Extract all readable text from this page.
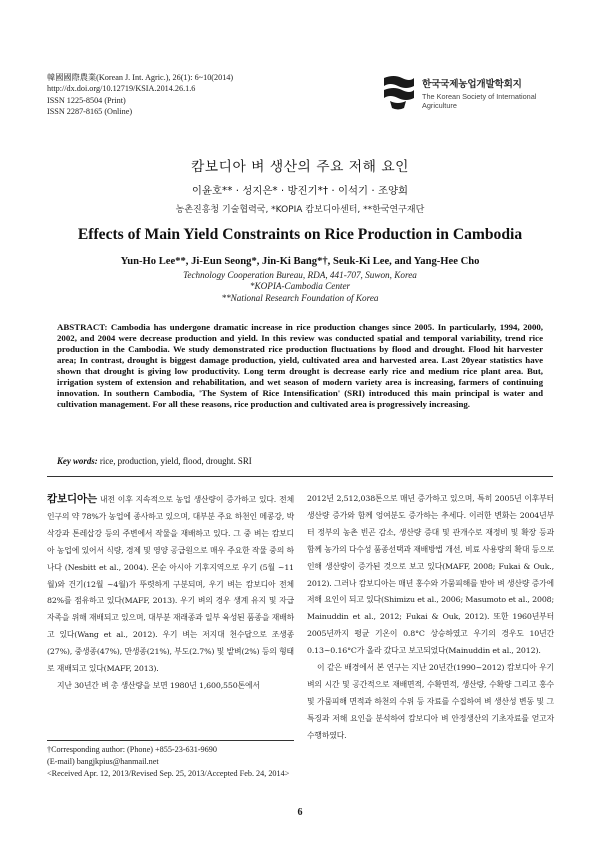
韓國國際農業(Korean J. Int. Agric.), 26(1): 6~10(2014)
http://dx.doi.org/10.12719/KSIA.2014.26.1.6
ISSN 1225-8504 (Print)
ISSN 2287-8165 (Online)
한국국제농업개발학회지
The Korean Society of International
Agriculture
캄보디아 벼 생산의 주요 저해 요인
이윤호** · 성지은* · 방진기*† · 이석기 · 조양희
농촌진흥청 기술협력국, *KOPIA 캄보디아센터, **한국연구재단
Effects of Main Yield Constraints on Rice Production in Cambodia
Yun-Ho Lee**, Ji-Eun Seong*, Jin-Ki Bang*†, Seuk-Ki Lee, and Yang-Hee Cho
Technology Cooperation Bureau, RDA, 441-707, Suwon, Korea
*KOPIA-Cambodia Center
**National Research Foundation of Korea
ABSTRACT: Cambodia has undergone dramatic increase in rice production changes since 2005. In particularly, 1994, 2000, 2002, and 2004 were decrease production and yield. In this review was conducted spatial and temporal variability, trend rice production in the Cambodia. We study demonstrated rice production fluctuations by flood and drought. Flood hit harvester area; In contrast, drought is biggest damage production, yield, cultivated area and harvested area. Last 20year statistics have shown that drought is giving low productivity. Long term drought is decrease early rice and medium rice plant area. But, irrigation system of extension and rehabilitation, and wet season of modern variety area is increasing, farmers of continuing innovation. In southern Cambodia, 'The System of Rice Intensification' (SRI) introduced this main principal is water and cultivation management. For all these reasons, rice production and cultivated area is progressively increasing.
Key words: rice, production, yield, flood, drought. SRI

캄보디아는 내전 이후 지속적으로 농업 생산량이 증가하고 있다. 전체 인구의 약 78%가 농업에 종사하고 있으며, 대부분 주요 하천인 메콩강, 박삭강과 톤레삽강 등의 주변에서 작물을 재배하고 있다. 그 중 벼는 캄보디아 농업에 있어서 식량, 경제 및 영양 공급원으로 매우 주요한 작물 중의 하나다 (Nesbitt et al., 2004). 몬순 아시아 기후지역으로 우기 (5월 ~11월)와 건기(12월 ~4월)가 뚜렷하게 구분되며, 우기 벼는 캄보디아 전체 82%를 점유하고 있다(MAFF, 2013). 우기 벼의 경우 생계 유지 및 자급자족을 위해 재배되고 있으며, 대부분 재래종과 일부 육성된 품종을 재배하고 있다(Wang et al., 2012). 우기 벼는 저지대 천수답으로 조생종(27%), 중생종(47%), 만생종(21%), 부도(2.7%) 및 밭벼(2%) 등의 형태로 재배되고 있다(MAFF, 2013).

지난 30년간 벼 총 생산량을 보면 1980년 1,600,550톤에서

2012년 2,512,038톤으로 매년 증가하고 있으며, 특히 2005년 이후부터 생산량 증가와 함께 엉여분도 증가하는 추세다. 이러한 변화는 2004년부터 정부의 농촌 빈곤 감소, 생산량 증대 및 관개수로 재정비 및 확장 등과 함께 농가의 다수성 품종선택과 재배방법 개선, 비료 사용량의 확대 등으로 인해 생산량이 증가된 것으로 보고 있다(MAFF, 2008; Fukai & Ouk., 2012). 그러나 캄보디아는 매년 홍수와 가뭄피해를 받아 벼 생산량 증가에 저해 요인이 되고 있다(Shimizu et al., 2006; Masumoto et al., 2008; Mainuddin et al., 2012; Fukai & Ouk, 2012). 또한 1960년부터 2005년까지 평균 기온이 0.8°C 상승하였고 우기의 경우도 10년간 0.13~0.16°C가 올라 갔다고 보고되었다(Mainuddin et al., 2012).

이 같은 배경에서 본 연구는 지난 20년간(1990~2012) 캄보디아 우기 벼의 시간 및 공간적으로 재배면적, 수확면적, 생산량, 수확량 그리고 홍수 및 가뭄피해 면적과 하천의 수위 등 자료를 수집하여 벼 생산성 변동 및 그 특징과 저해 요인을 분석하여 캄보디아 벼 안정생산의 기초자료를 얻고자 수행하였다.

†Corresponding author: (Phone) +855-23-631-9690
(E-mail) bangjkpius@hanmail.net
<Received Apr. 12, 2013/Revised Sep. 25, 2013/Accepted Feb. 24, 2014>
6
